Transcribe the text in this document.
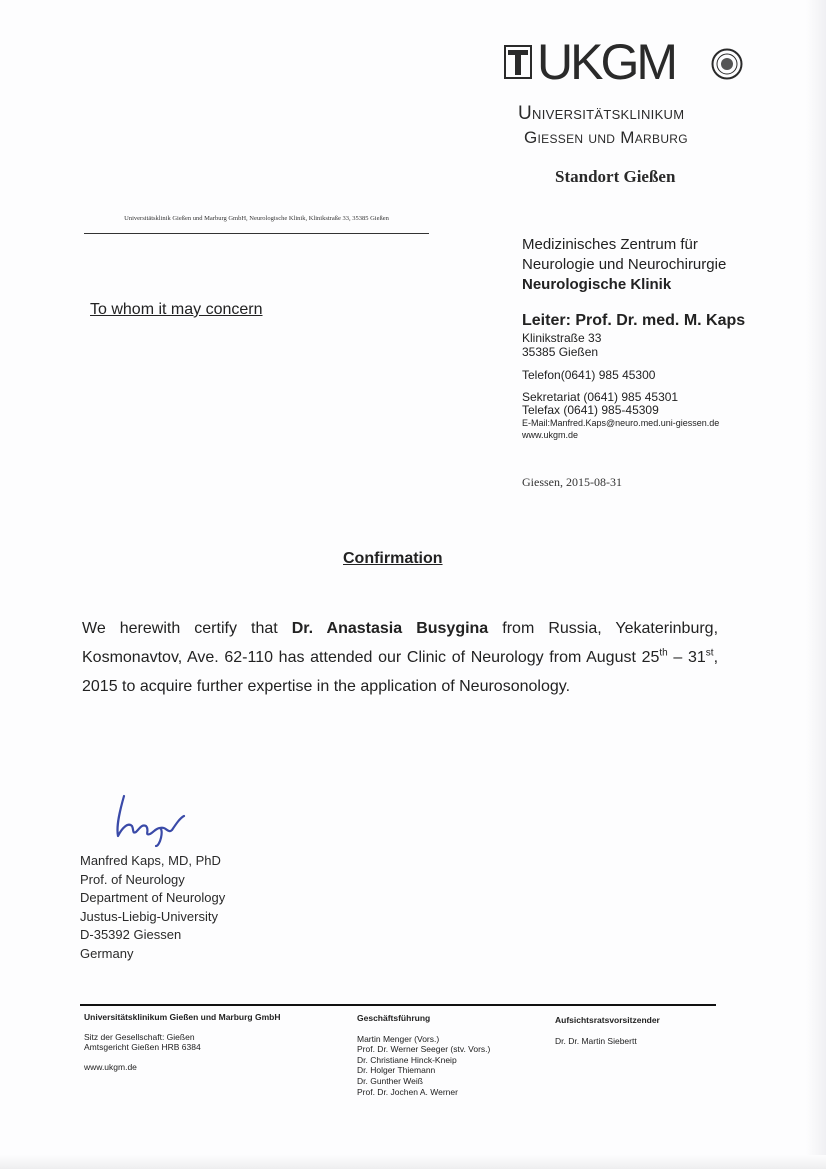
UKGM
Universitätsklinikum
Giessen und Marburg
Standort Gießen
Universitätsklinik Gießen und Marburg GmbH, Neurologische Klinik, Klinikstraße 33, 35385 Gießen
To whom it may concern
Medizinisches Zentrum für
Neurologie und Neurochirurgie
Neurologische Klinik
Leiter: Prof. Dr. med. M. Kaps
Klinikstraße 33
35385 Gießen
Telefon(0641) 985 45300
Sekretariat (0641) 985 45301
Telefax (0641) 985-45309
E-Mail:Manfred.Kaps@neuro.med.uni-giessen.de
www.ukgm.de
Giessen, 2015-08-31
Confirmation
We herewith certify that Dr. Anastasia Busygina from Russia, Yekaterinburg, Kosmonavtov, Ave. 62-110 has attended our Clinic of Neurology from August 25th – 31st, 2015 to acquire further expertise in the application of Neurosonology.
Manfred Kaps, MD, PhD
Prof. of Neurology
Department of Neurology
Justus-Liebig-University
D-35392 Giessen
Germany
Universitätsklinikum Gießen und Marburg GmbH
Sitz der Gesellschaft: Gießen
Amtsgericht Gießen HRB 6384
www.ukgm.de
Geschäftsführung
Martin Menger (Vors.)
Prof. Dr. Werner Seeger (stv. Vors.)
Dr. Christiane Hinck-Kneip
Dr. Holger Thiemann
Dr. Gunther Weiß
Prof. Dr. Jochen A. Werner
Aufsichtsratsvorsitzender
Dr. Dr. Martin Siebertt
